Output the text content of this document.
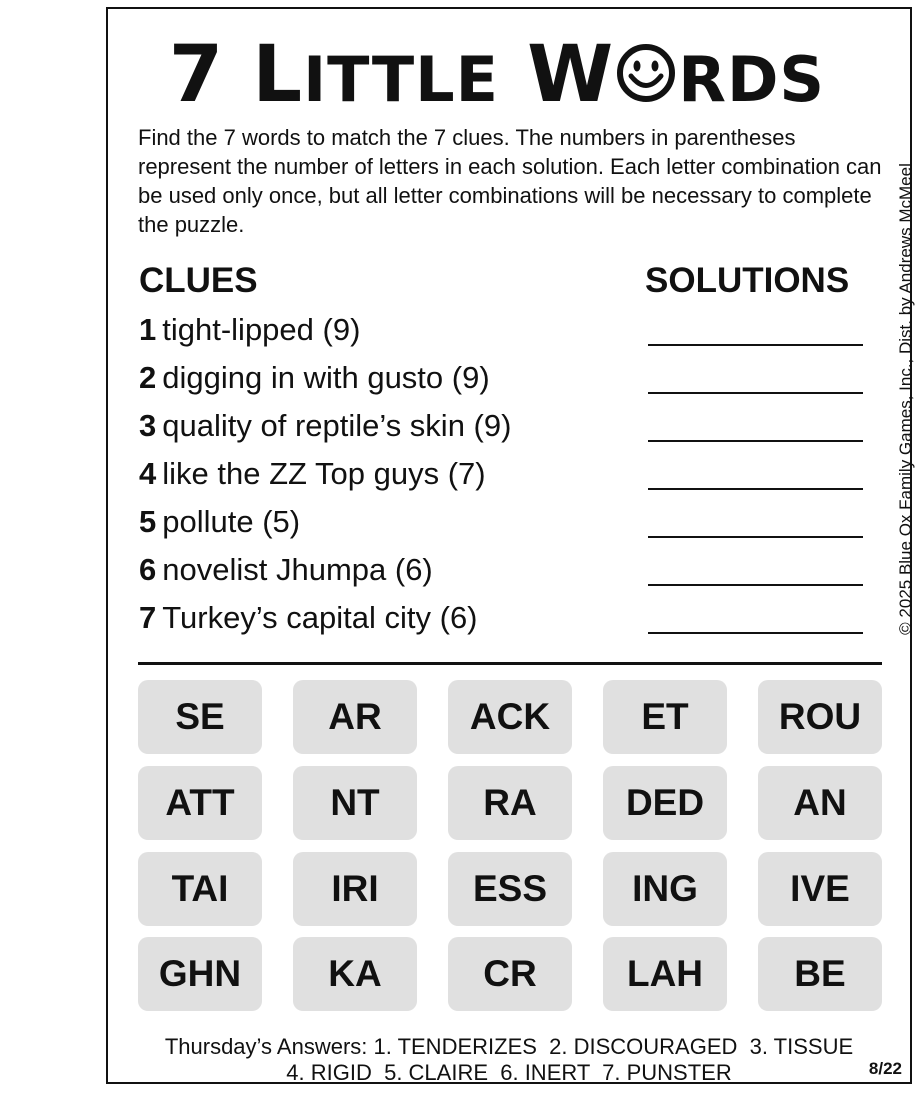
7 LITTLE W RDS
Find the 7 words to match the 7 clues. The numbers in parentheses represent the number of letters in each solution. Each letter combination can be used only once, but all letter combinations will be necessary to complete the puzzle.	© 2025 Blue Ox Family Games, Inc., Dist. by Andrews McMeel
CLUES	SOLUTIONS
1 tight-lipped (9)
2 digging in with gusto (9)
3 quality of reptile’s skin (9)
4 like the ZZ Top guys (7)
5 pollute (5)
6 novelist Jhumpa (6)
7 Turkey’s capital city (6)
SE	AR	ACK	ET	ROU
ATT	NT	RA	DED	AN
TAI	IRI	ESS	ING	IVE
GHN	KA	CR	LAH	BE
Thursday’s Answers: 1. TENDERIZES  2. DISCOURAGED  3. TISSUE
4. RIGID  5. CLAIRE  6. INERT  7. PUNSTER	8/22
